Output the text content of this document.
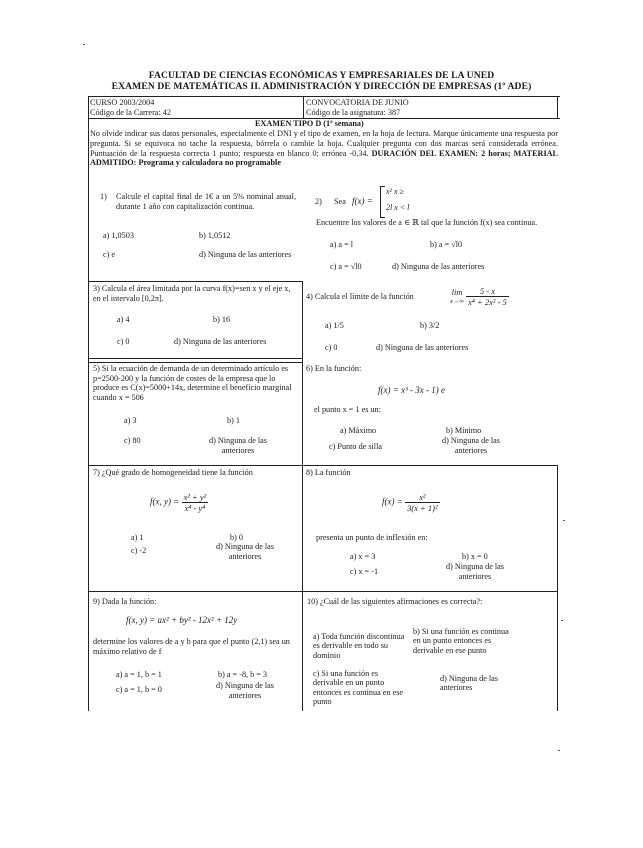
FACULTAD DE CIENCIAS ECONÓMICAS Y EMPRESARIALES DE LA UNED
EXAMEN DE MATEMÁTICAS II. ADMINISTRACIÓN Y DIRECCIÓN DE EMPRESAS (1º ADE)
CURSO 2003/2004
Código de la Carrera: 42
CONVOCATORIA DE JUNIO
Código de la asignatura: 387
EXAMEN TIPO D (1ª semana)
No olvide indicar sus datos personales, especialmente el DNI y el tipo de examen, en la hoja de lectura. Marque únicamente una respuesta por pregunta. Si se equivoca no tache la respuesta, bórrela o cambie la hoja. Cualquier pregunta con dos marcas será considerada errónea. Puntuación de la respuesta correcta 1 punto; respuesta en blanco 0; errónea -0,34. DURACIÓN DEL EXAMEN: 2 horas; MATERIAL ADMITIDO: Programa y calculadora no programable
1) Calcule el capital final de 1€ a un 5% nominal anual, durante 1 año con capitalización continua.
a) 1,0503	b) 1,0512
c) e	d) Ninguna de las anteriores
2) Sea f(x) =
x² x ≥
2l x < l
Encuentre los valores de a ∈ ℝ tal que la función f(x) sea continua.
a) a = l	b) a = √l0
c) a = √l0	d) Ninguna de las anteriores
3) Calcula el área limitada por la curva f(x)=sen x y el eje x, en el intervalo [0,2π].
a) 4	b) 16
c) 0	d) Ninguna de las anteriores
4) Calcula el límite de la función	lim
x→∞
$\frac{5 - x}{\text{x⁴ + 2x² - 5}}$
a) 1/5	b) 3/2
c) 0	d) Ninguna de las anteriores
5) Si la ecuación de demanda de un determinado artículo es p=2500-200 y la función de costes de la empresa que lo produce es C(x)=5000+14x, determine el beneficio marginal cuando x = 506
a) 3	b) 1
c) 80	d) Ninguna de las anteriores
6) En la función:
f(x) = x³ - 3x - 1) e
el punto x = 1 es un:
a) Máximo	b) Mínimo
c) Punto de silla
d) Ninguna de las anteriores
7) ¿Qué grado de homogeneidad tiene la función
f(x, $y) = \frac{\text{x² + y²}}{\text{x⁴ - y⁴}}$
a) 1	b) 0
c) -2	d) Ninguna de las anteriores
8) La función
$f(x) = \frac{\text{x²}}{\text{3(x + 1)²}}$
presenta un punto de inflexión en:
a) x = 3	b) x = 0
c) x = -1
d) Ninguna de las anteriores
9) Dada la función:
f(x, y) = ax² + by² - 12x² + 12y
determine los valores de a y b para que el punto (2,1) sea un máximo relativo de f
a) a = 1, b = 1	b) a = -8, b = 3
c) a = 1, b = 0	d) Ninguna de las anteriores
10) ¿Cuál de las siguientes afirmaciones es correcta?:
a) Toda función discontinua es derivable en todo su dominio
b) Si una función es continua en un punto entonces es derivable en ese punto
c) Si una función es derivable en un punto entonces es continua en ese punto
d) Ninguna de las anteriores
